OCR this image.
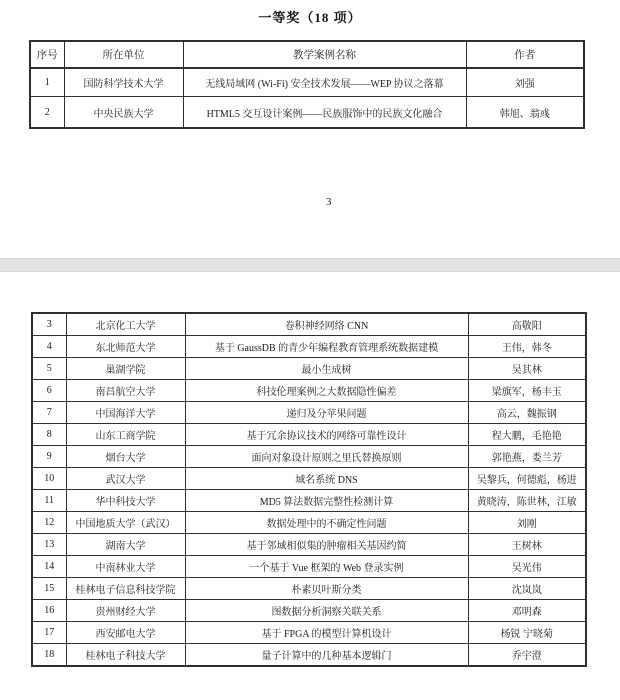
一等奖（18 项）
序号	所在单位	教学案例名称	作者
1	国防科学技术大学	无线局域网 (Wi-Fi) 安全技术发展——WEP 协议之落幕	刘强
2	中央民族大学	HTML5 交互设计案例——民族服饰中的民族文化融合	韩旭、翁彧
3
3	北京化工大学	卷积神经网络 CNN	高敬阳
4	东北师范大学	基于 GaussDB 的青少年编程教育管理系统数据建模	王伟，韩冬
5	巢湖学院	最小生成树	吴其林
6	南昌航空大学	科技伦理案例之大数据隐性偏差	梁旗军，杨丰玉
7	中国海洋大学	递归及分苹果问题	高云，魏振钢
8	山东工商学院	基于冗余协议技术的网络可靠性设计	程大鹏，毛艳艳
9	烟台大学	面向对象设计原则之里氏替换原则	郭艳燕，娄兰芳
10	武汉大学	域名系统 DNS	吴黎兵，何德彪，杨进
11	华中科技大学	MD5 算法数据完整性检测计算	黄晓涛，陈世林，江敏
12	中国地质大学（武汉）	数据处理中的不确定性问题	刘刚
13	湖南大学	基于邻域相似集的肿瘤相关基因约简	王树林
14	中南林业大学	一个基于 Vue 框架的 Web 登录实例	吴光伟
15	桂林电子信息科技学院	朴素贝叶斯分类	沈岚岚
16	贵州财经大学	图数据分析洞察关联关系	邓明森
17	西安邮电大学	基于 FPGA 的模型计算机设计	杨锐 宁晓菊
18	桂林电子科技大学	量子计算中的几种基本逻辑门	乔宇澄
